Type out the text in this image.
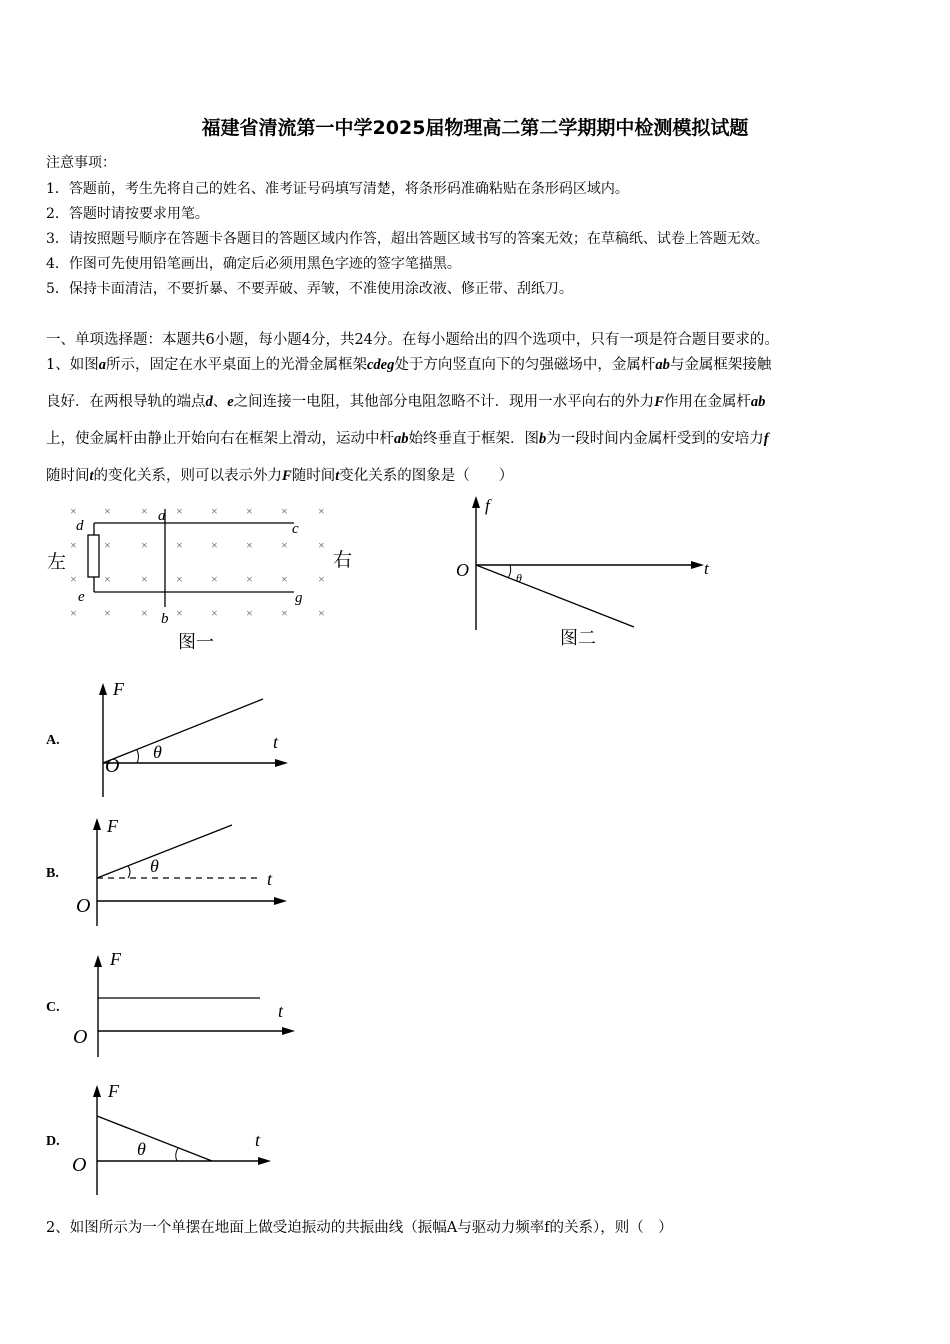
福建省清流第一中学2025届物理高二第二学期期中检测模拟试题
注意事项：
1．答题前，考生先将自己的姓名、准考证号码填写清楚，将条形码准确粘贴在条形码区域内。
2．答题时请按要求用笔。
3．请按照题号顺序在答题卡各题目的答题区域内作答，超出答题区域书写的答案无效；在草稿纸、试卷上答题无效。
4．作图可先使用铅笔画出，确定后必须用黑色字迹的签字笔描黑。
5．保持卡面清洁，不要折暴、不要弄破、弄皱，不准使用涂改液、修正带、刮纸刀。
一、单项选择题：本题共6小题，每小题4分，共24分。在每小题给出的四个选项中，只有一项是符合题目要求的。
1、如图a所示，固定在水平桌面上的光滑金属框架cdeg处于方向竖直向下的匀强磁场中，金属杆ab与金属框架接触
良好．在两根导轨的端点d、e之间连接一电阻，其他部分电阻忽略不计．现用一水平向右的外力F作用在金属杆ab
上，使金属杆由静止开始向右在框架上滑动，运动中杆ab始终垂直于框架．图b为一段时间内金属杆受到的安培力f
随时间t的变化关系，则可以表示外力F随时间t变化关系的图象是（　　）
× ×	× × × × ×	×
× ×	× × × × ×	×
× ×	× × × × ×	×
× ×	× × × × ×	×
d
a
c
e
b
g
左	右
图一
f
O	t
θ
图二
A.
F
O
t
θ
B.
F
O
t
θ
C.
F
O
t
D.
F
O
t
θ
2、如图所示为一个单摆在地面上做受迫振动的共振曲线（振幅A与驱动力频率f的关系），则（　）
